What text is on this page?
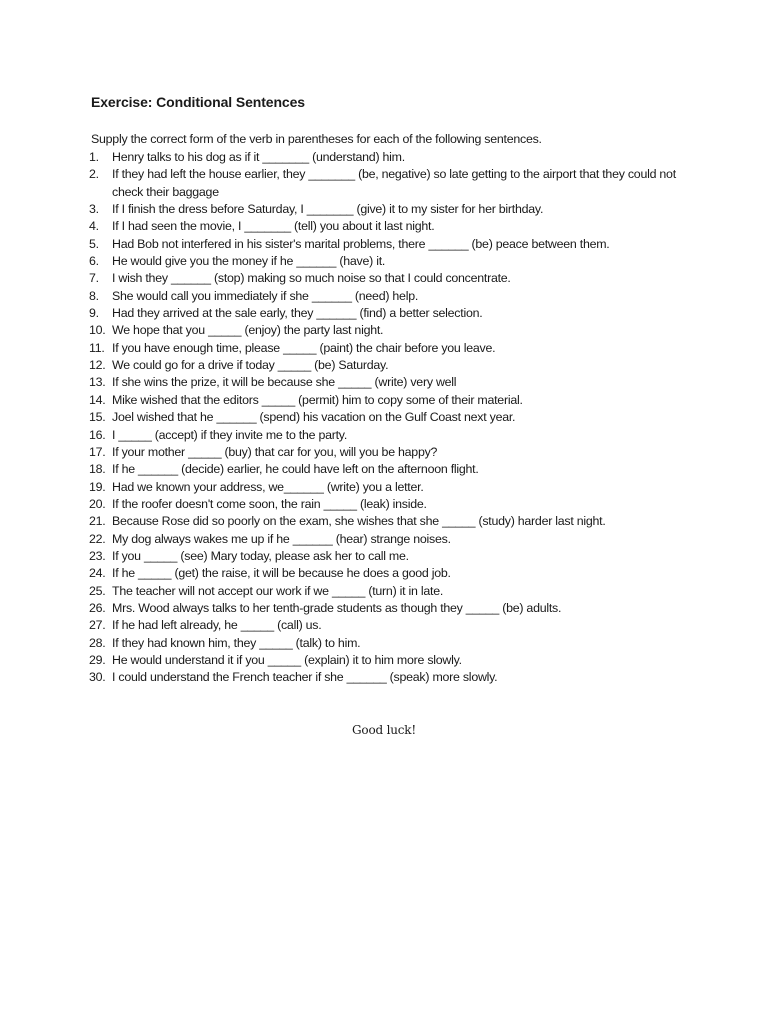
Exercise: Conditional Sentences
Supply the correct form of the verb in parentheses for each of the following sentences.
1.	Henry talks to his dog as if it _______ (understand) him.
2.	If they had left the house earlier, they _______ (be, negative) so late getting to the airport that they could not check their baggage
3.	If I finish the dress before Saturday, I _______ (give) it to my sister for her birthday.
4.	If I had seen the movie, I _______ (tell) you about it last night.
5.	Had Bob not interfered in his sister's marital problems, there ______ (be) peace between them.
6.	He would give you the money if he ______ (have) it.
7.	I wish they ______ (stop) making so much noise so that I could concentrate.
8.	She would call you immediately if she ______ (need) help.
9.	Had they arrived at the sale early, they ______ (find) a better selection.
10. We hope that you _____ (enjoy) the party last night.
11. If you have enough time, please _____ (paint) the chair before you leave.
12. We could go for a drive if today _____ (be) Saturday.
13. If she wins the prize, it will be because she _____ (write) very well
14. Mike wished that the editors _____ (permit) him to copy some of their material.
15. Joel wished that he ______ (spend) his vacation on the Gulf Coast next year.
16. I _____ (accept) if they invite me to the party.
17. If your mother _____ (buy) that car for you, will you be happy?
18. If he ______ (decide) earlier, he could have left on the afternoon flight.
19. Had we known your address, we______ (write) you a letter.
20. If the roofer doesn't come soon, the rain _____ (leak) inside.
21. Because Rose did so poorly on the exam, she wishes that she _____ (study) harder last night.
22. My dog always wakes me up if he ______ (hear) strange noises.
23. If you _____ (see) Mary today, please ask her to call me.
24. If he _____ (get) the raise, it will be because he does a good job.
25. The teacher will not accept our work if we _____ (turn) it in late.
26. Mrs. Wood always talks to her tenth-grade students as though they _____ (be) adults.
27. If he had left already, he _____ (call) us.
28. If they had known him, they _____ (talk) to him.
29. He would understand it if you _____ (explain) it to him more slowly.
30. I could understand the French teacher if she ______ (speak) more slowly.
Good luck!
